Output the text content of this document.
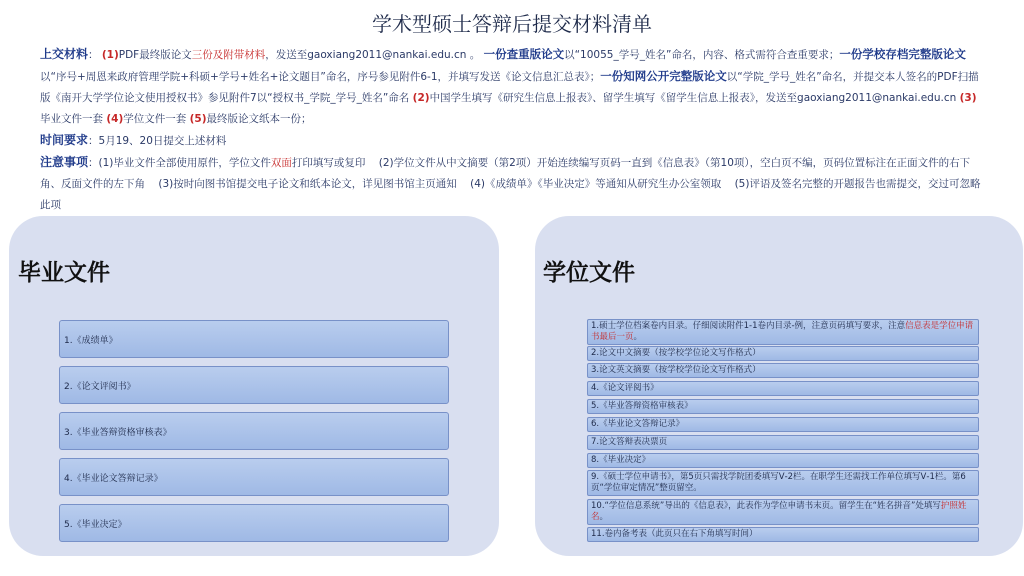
学术型硕士答辩后提交材料清单

上交材料： (1)PDF最终版论文三份及附带材料，发送至gaoxiang2011@nankai.edu.cn 。 一份查重版论文以“10055_学号_姓名”命名，内容、格式需符合查重要求；一份学校存档完整版论文以“序号+周恩来政府管理学院+科硕+学号+姓名+论文题目”命名，序号参见附件6-1，并填写发送《论文信息汇总表》；一份知网公开完整版论文以“学院_学号_姓名”命名，并提交本人签名的PDF扫描版《南开大学学位论文使用授权书》参见附件7以“授权书_学院_学号_姓名”命名 (2)中国学生填写《研究生信息上报表》、留学生填写《留学生信息上报表》，发送至gaoxiang2011@nankai.edu.cn (3)毕业文件一套 (4)学位文件一套 (5)最终版论文纸本一份；

时间要求：5月19、20日提交上述材料

注意事项：(1)毕业文件全部使用原件，学位文件双面打印填写或复印 (2)学位文件从中文摘要（第2项）开始连续编写页码一直到《信息表》（第10项），空白页不编，页码位置标注在正面文件的右下角、反面文件的左下角 (3)按时向图书馆提交电子论文和纸本论文，详见图书馆主页通知 (4)《成绩单》《毕业决定》等通知从研究生办公室领取 (5)评语及签名完整的开题报告也需提交，交过可忽略此项

毕业文件
1.《成绩单》
2.《论文评阅书》
3.《毕业答辩资格审核表》
4.《毕业论文答辩记录》
5.《毕业决定》
学位文件
1.硕士学位档案卷内目录。仔细阅读附件1-1卷内目录-例，注意页码填写要求，注意信息表是学位申请书最后一页。
2.论文中文摘要（按学校学位论文写作格式）
3.论文英文摘要（按学校学位论文写作格式）
4.《论文评阅书》
5.《毕业答辩资格审核表》
6.《毕业论文答辩记录》
7.论文答辩表决票页
8.《毕业决定》
9.《硕士学位申请书》，第5页只需找学院团委填写Ⅴ-2栏。在职学生还需找工作单位填写Ⅴ-1栏。第6页“学位审定情况”整页留空。
10.“学位信息系统”导出的《信息表》，此表作为学位申请书末页。留学生在“姓名拼音”处填写护照姓名。
11.卷内备考表（此页只在右下角填写时间）
